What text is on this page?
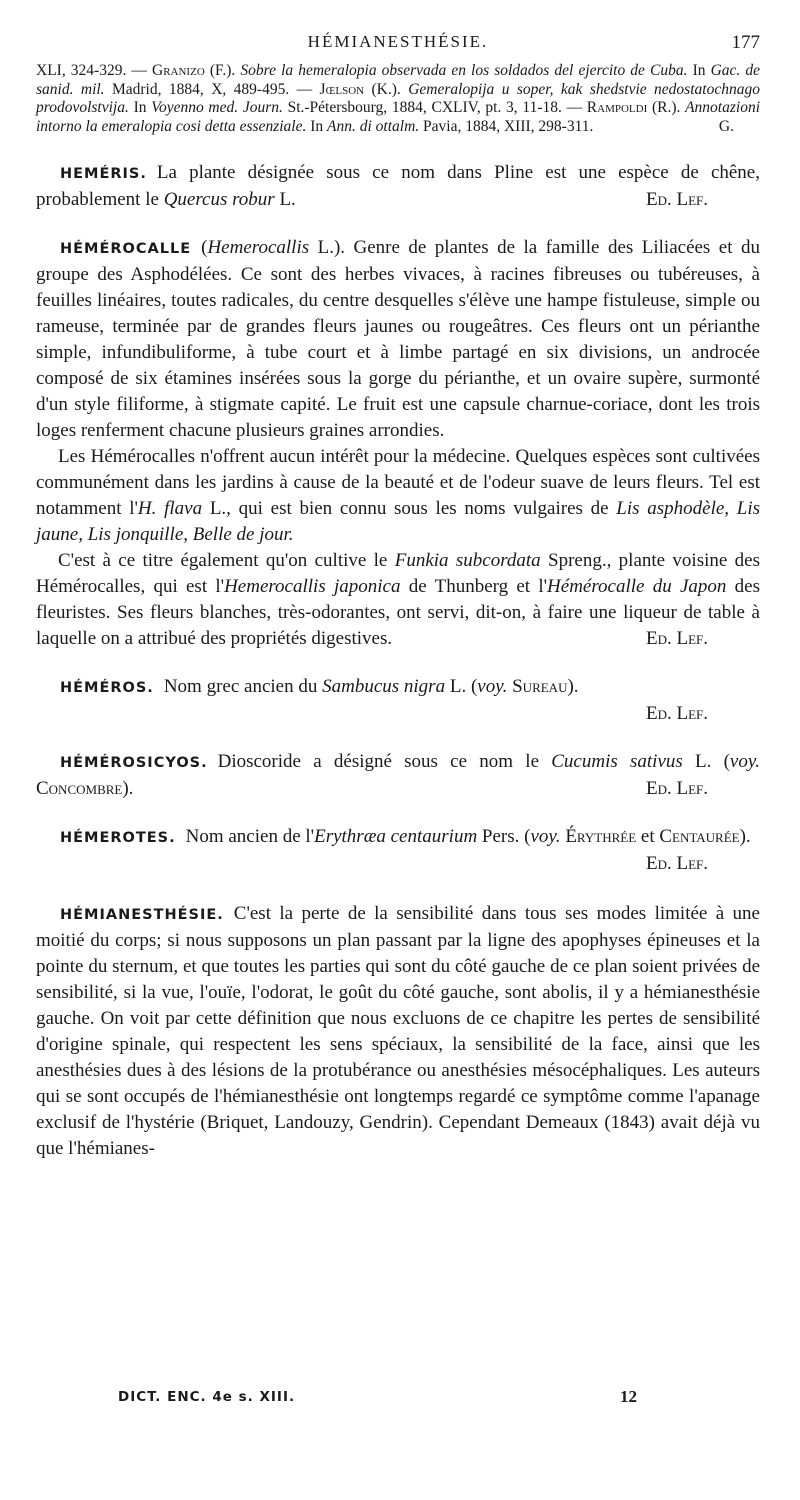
HÉMIANESTHÉSIE.	177
XLI, 324-329. — Granizo (F.). Sobre la hemeralopia observada en los soldados del ejercito de Cuba. In Gac. de sanid. mil. Madrid, 1884, X, 489-495. — Jœlson (K.). Gemeralopija u soper, kak shedstvie nedostatochnago prodovolstvija. In Voyenno med. Journ. St.-Pétersbourg, 1884, CXLIV, pt. 3, 11-18. — Rampoldi (R.). Annotazioni intorno la emeralopia cosi detta essenziale. In Ann. di ottalm. Pavia, 1884, XIII, 298-311.	G.

HEMÉRIS. La plante désignée sous ce nom dans Pline est une espèce de chêne, probablement le Quercus robur L.	Ed. Lef.

HÉMÉROCALLE (Hemerocallis L.). Genre de plantes de la famille des Liliacées et du groupe des Asphodélées. Ce sont des herbes vivaces, à racines fibreuses ou tubéreuses, à feuilles linéaires, toutes radicales, du centre desquelles s'élève une hampe fistuleuse, simple ou rameuse, terminée par de grandes fleurs jaunes ou rougeâtres. Ces fleurs ont un périanthe simple, infundibuliforme, à tube court et à limbe partagé en six divisions, un androcée composé de six étamines insérées sous la gorge du périanthe, et un ovaire supère, surmonté d'un style filiforme, à stigmate capité. Le fruit est une capsule charnue-coriace, dont les trois loges renferment chacune plusieurs graines arrondies.

Les Hémérocalles n'offrent aucun intérêt pour la médecine. Quelques espèces sont cultivées communément dans les jardins à cause de la beauté et de l'odeur suave de leurs fleurs. Tel est notamment l'H. flava L., qui est bien connu sous les noms vulgaires de Lis asphodèle, Lis jaune, Lis jonquille, Belle de jour.

C'est à ce titre également qu'on cultive le Funkia subcordata Spreng., plante voisine des Hémérocalles, qui est l'Hemerocallis japonica de Thunberg et l'Hémérocalle du Japon des fleuristes. Ses fleurs blanches, très-odorantes, ont servi, dit-on, à faire une liqueur de table à laquelle on a attribué des propriétés digestives.	Ed. Lef.

HÉMÉROS. Nom grec ancien du Sambucus nigra L. (voy. Sureau).

Ed. Lef.

HÉMÉROSICYOS. Dioscoride a désigné sous ce nom le Cucumis sativus L. (voy. Concombre).	Ed. Lef.

HÉMEROTES. Nom ancien de l'Erythræa centaurium Pers. (voy. Érythrée et Centaurée).
Ed. Lef.

HÉMIANESTHÉSIE. C'est la perte de la sensibilité dans tous ses modes limitée à une moitié du corps; si nous supposons un plan passant par la ligne des apophyses épineuses et la pointe du sternum, et que toutes les parties qui sont du côté gauche de ce plan soient privées de sensibilité, si la vue, l'ouïe, l'odorat, le goût du côté gauche, sont abolis, il y a hémianesthésie gauche. On voit par cette définition que nous excluons de ce chapitre les pertes de sensibilité d'origine spinale, qui respectent les sens spéciaux, la sensibilité de la face, ainsi que les anesthésies dues à des lésions de la protubérance ou anesthésies mésocéphaliques. Les auteurs qui se sont occupés de l'hémianesthésie ont longtemps regardé ce symptôme comme l'apanage exclusif de l'hystérie (Briquet, Landouzy, Gendrin). Cependant Demeaux (1843) avait déjà vu que l'hémianes-

DICT. ENC. 4e s. XIII.	12
